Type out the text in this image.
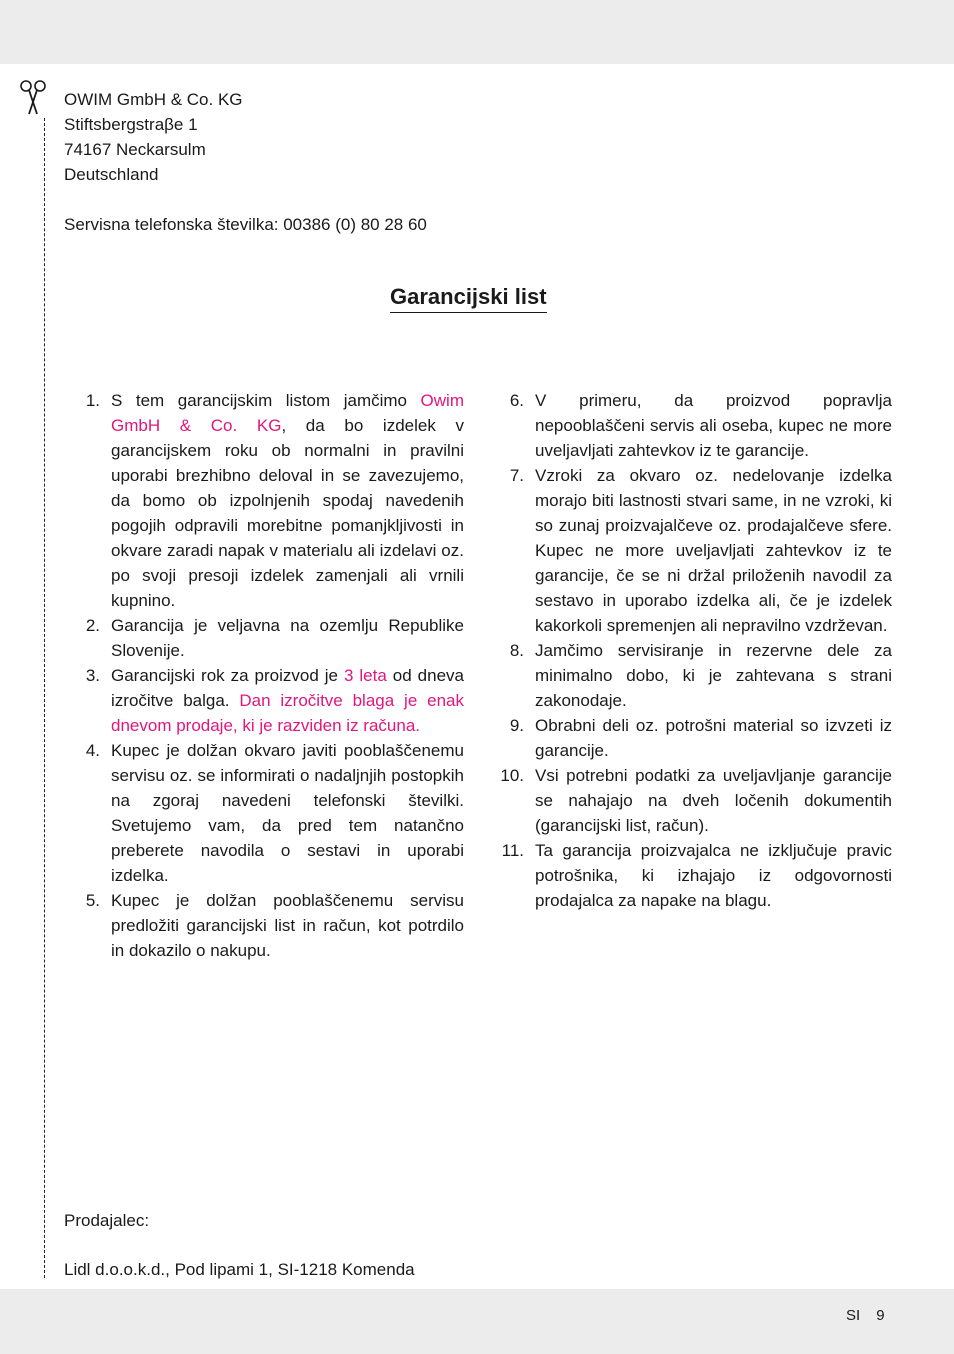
OWIM GmbH & Co. KG
Stiftsbergstraβe 1
74167 Neckarsulm
Deutschland
Servisna telefonska številka: 00386 (0) 80 28 60
Garancijski list
1. S tem garancijskim listom jamčimo Owim GmbH & Co. KG, da bo izdelek v garancijskem roku ob normalni in pravilni uporabi brezhibno deloval in se zavezujemo, da bomo ob izpolnjenih spodaj navedenih pogojih odpravili morebitne pomanjkljivosti in okvare zaradi napak v materialu ali izdelavi oz. po svoji presoji izdelek zamenjali ali vrnili kupnino.
2. Garancija je veljavna na ozemlju Republike Slovenije.
3. Garancijski rok za proizvod je 3 leta od dneva izročitve balga. Dan izročitve blaga je enak dnevom prodaje, ki je razviden iz računa.
4. Kupec je dolžan okvaro javiti pooblaščenemu servisu oz. se informirati o nadaljnjih postopkih na zgoraj navedeni telefonski številki. Svetujemo vam, da pred tem natančno preberete navodila o sestavi in uporabi izdelka.
5. Kupec je dolžan pooblaščenemu servisu predložiti garancijski list in račun, kot potrdilo in dokazilo o nakupu.
6. V primeru, da proizvod popravlja nepooblaščeni servis ali oseba, kupec ne more uveljavljati zahtevkov iz te garancije.
7. Vzroki za okvaro oz. nedelovanje izdelka morajo biti lastnosti stvari same, in ne vzroki, ki so zunaj proizvajalčeve oz. prodajalčeve sfere. Kupec ne more uveljavljati zahtevkov iz te garancije, če se ni držal priloženih navodil za sestavo in uporabo izdelka ali, če je izdelek kakorkoli spremenjen ali nepravilno vzdrževan.
8. Jamčimo servisiranje in rezervne dele za minimalno dobo, ki je zahtevana s strani zakonodaje.
9. Obrabni deli oz. potrošni material so izvzeti iz garancije.
10. Vsi potrebni podatki za uveljavljanje garancije se nahajajo na dveh ločenih dokumentih (garancijski list, račun).
11. Ta garancija proizvajalca ne izključuje pravic potrošnika, ki izhajajo iz odgovornosti prodajalca za napake na blagu.
Prodajalec:
Lidl d.o.o.k.d., Pod lipami 1, SI-1218 Komenda
SI 9
